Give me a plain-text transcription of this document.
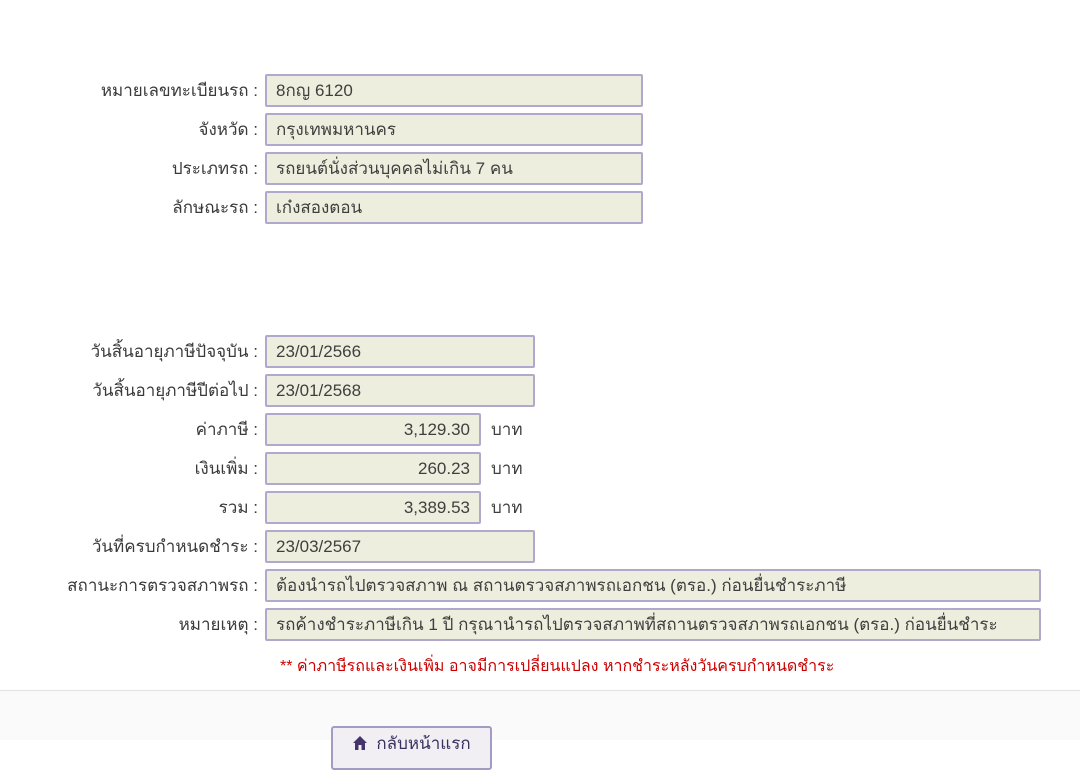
หมายเลขทะเบียนรถ :
8กญ 6120
จังหวัด :
กรุงเทพมหานคร
ประเภทรถ :
รถยนต์นั่งส่วนบุคคลไม่เกิน 7 คน
ลักษณะรถ :
เก๋งสองตอน
วันสิ้นอายุภาษีปัจจุบัน :
23/01/2566
วันสิ้นอายุภาษีปีต่อไป :
23/01/2568
ค่าภาษี :
3,129.30	บาท
เงินเพิ่ม :
260.23	บาท
รวม :
3,389.53	บาท
วันที่ครบกำหนดชำระ :
23/03/2567
สถานะการตรวจสภาพรถ :
ต้องนำรถไปตรวจสภาพ ณ สถานตรวจสภาพรถเอกชน (ตรอ.) ก่อนยื่นชำระภาษี
หมายเหตุ :
รถค้างชำระภาษีเกิน 1 ปี กรุณานำรถไปตรวจสภาพที่สถานตรวจสภาพรถเอกชน (ตรอ.) ก่อนยื่นชำระ
** ค่าภาษีรถและเงินเพิ่ม อาจมีการเปลี่ยนแปลง หากชำระหลังวันครบกำหนดชำระ
กลับหน้าแรก
